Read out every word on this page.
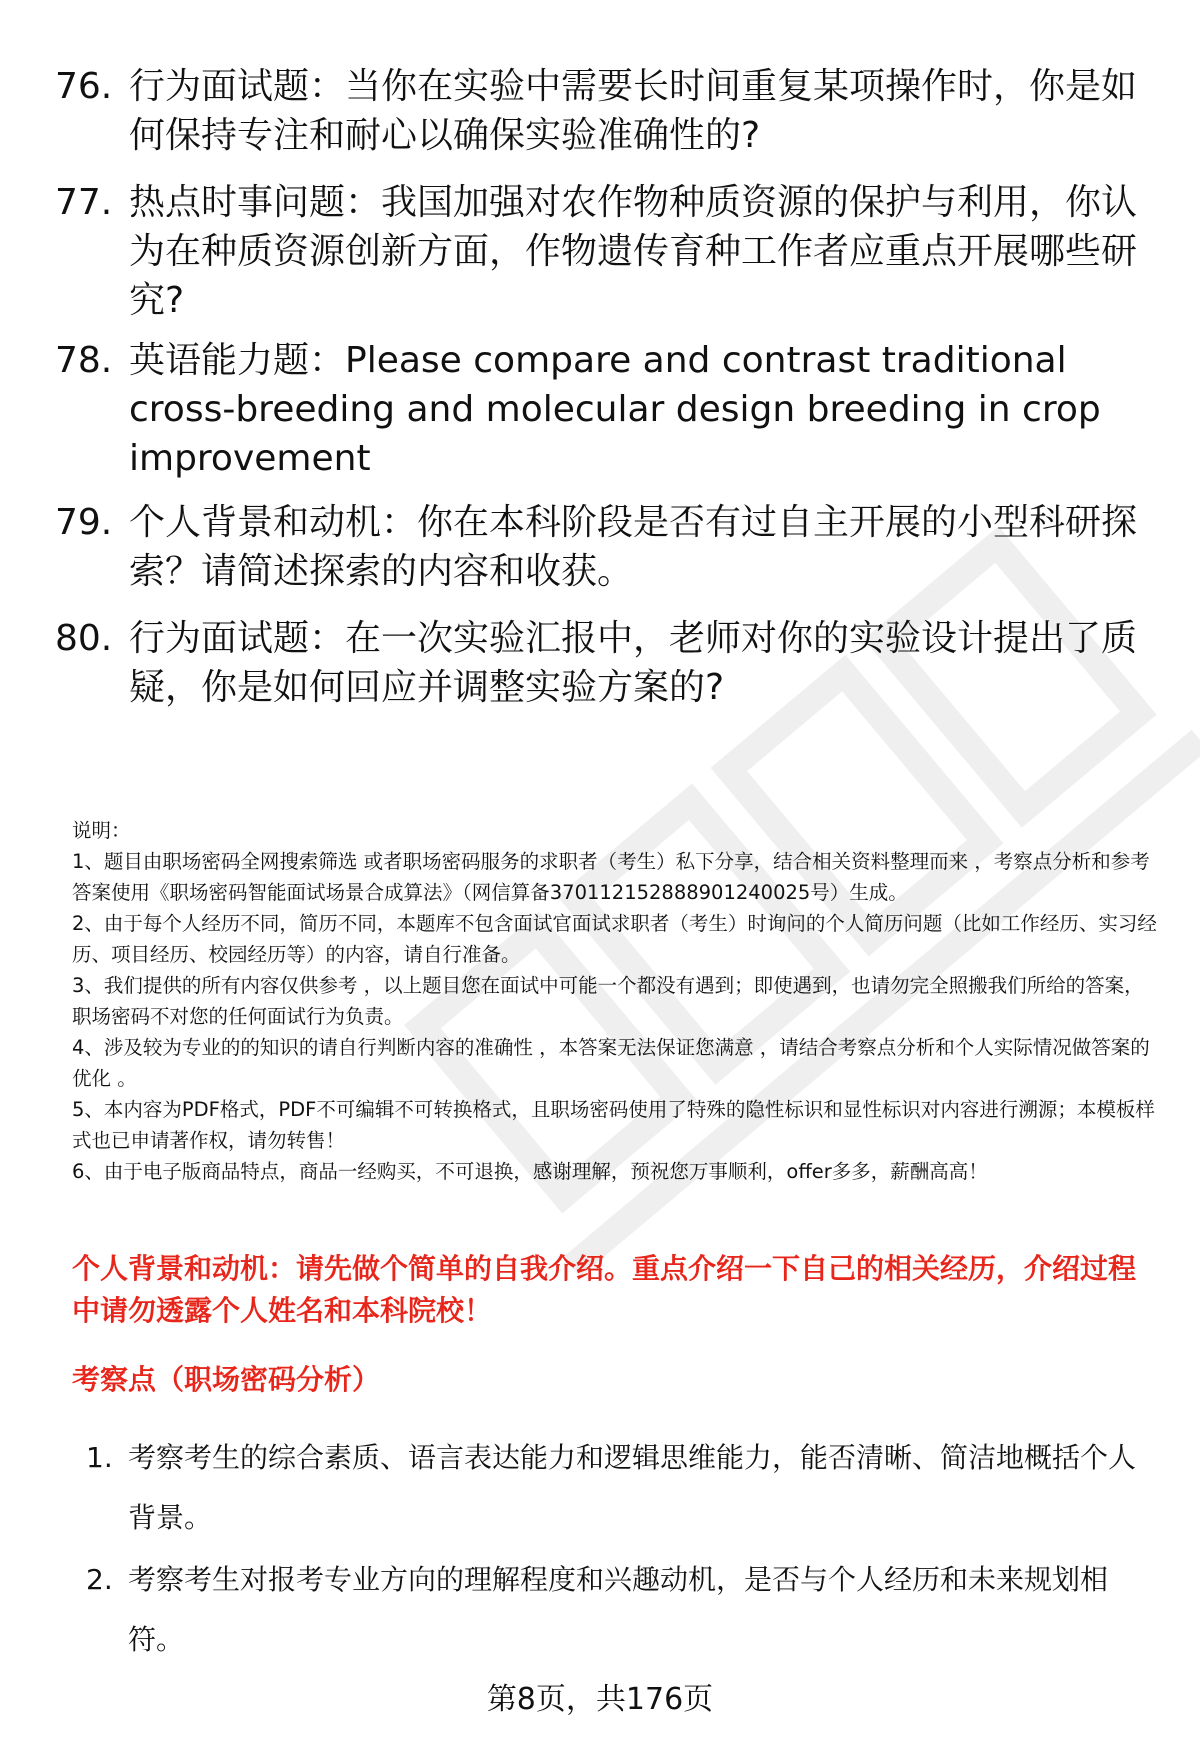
76. 行为面试题：当你在实验中需要长时间重复某项操作时，你是如何保持专注和耐心以确保实验准确性的?
77. 热点时事问题：我国加强对农作物种质资源的保护与利用，你认为在种质资源创新方面，作物遗传育种工作者应重点开展哪些研究?
78. 英语能力题：Please compare and contrast traditional cross-breeding and molecular design breeding in crop improvement
79. 个人背景和动机：你在本科阶段是否有过自主开展的小型科研探索？请简述探索的内容和收获。
80. 行为面试题：在一次实验汇报中，老师对你的实验设计提出了质疑，你是如何回应并调整实验方案的?

说明：

1、题目由职场密码全网搜索筛选 或者职场密码服务的求职者（考生）私下分享，结合相关资料整理而来 ，考察点分析和参考答案使用《职场密码智能面试场景合成算法》（网信算备370112152888901240025号）生成。

2、由于每个人经历不同，简历不同，本题库不包含面试官面试求职者（考生）时询问的个人简历问题（比如工作经历、实习经历、项目经历、校园经历等）的内容，请自行准备。

3、我们提供的所有内容仅供参考 ，以上题目您在面试中可能一个都没有遇到；即使遇到，也请勿完全照搬我们所给的答案，职场密码不对您的任何面试行为负责。

4、涉及较为专业的的知识的请自行判断内容的准确性 ，本答案无法保证您满意 ，请结合考察点分析和个人实际情况做答案的优化 。

5、本内容为PDF格式，PDF不可编辑不可转换格式，且职场密码使用了特殊的隐性标识和显性标识对内容进行溯源；本模板样式也已申请著作权，请勿转售！

6、由于电子版商品特点，商品一经购买，不可退换，感谢理解，预祝您万事顺利，offer多多，薪酬高高！

个人背景和动机：请先做个简单的自我介绍。重点介绍一下自己的相关经历，介绍过程中请勿透露个人姓名和本科院校！
考察点（职场密码分析）
1. 考察考生的综合素质、语言表达能力和逻辑思维能力，能否清晰、简洁地概括个人背景。
2. 考察考生对报考专业方向的理解程度和兴趣动机，是否与个人经历和未来规划相符。
第8页，共176页
